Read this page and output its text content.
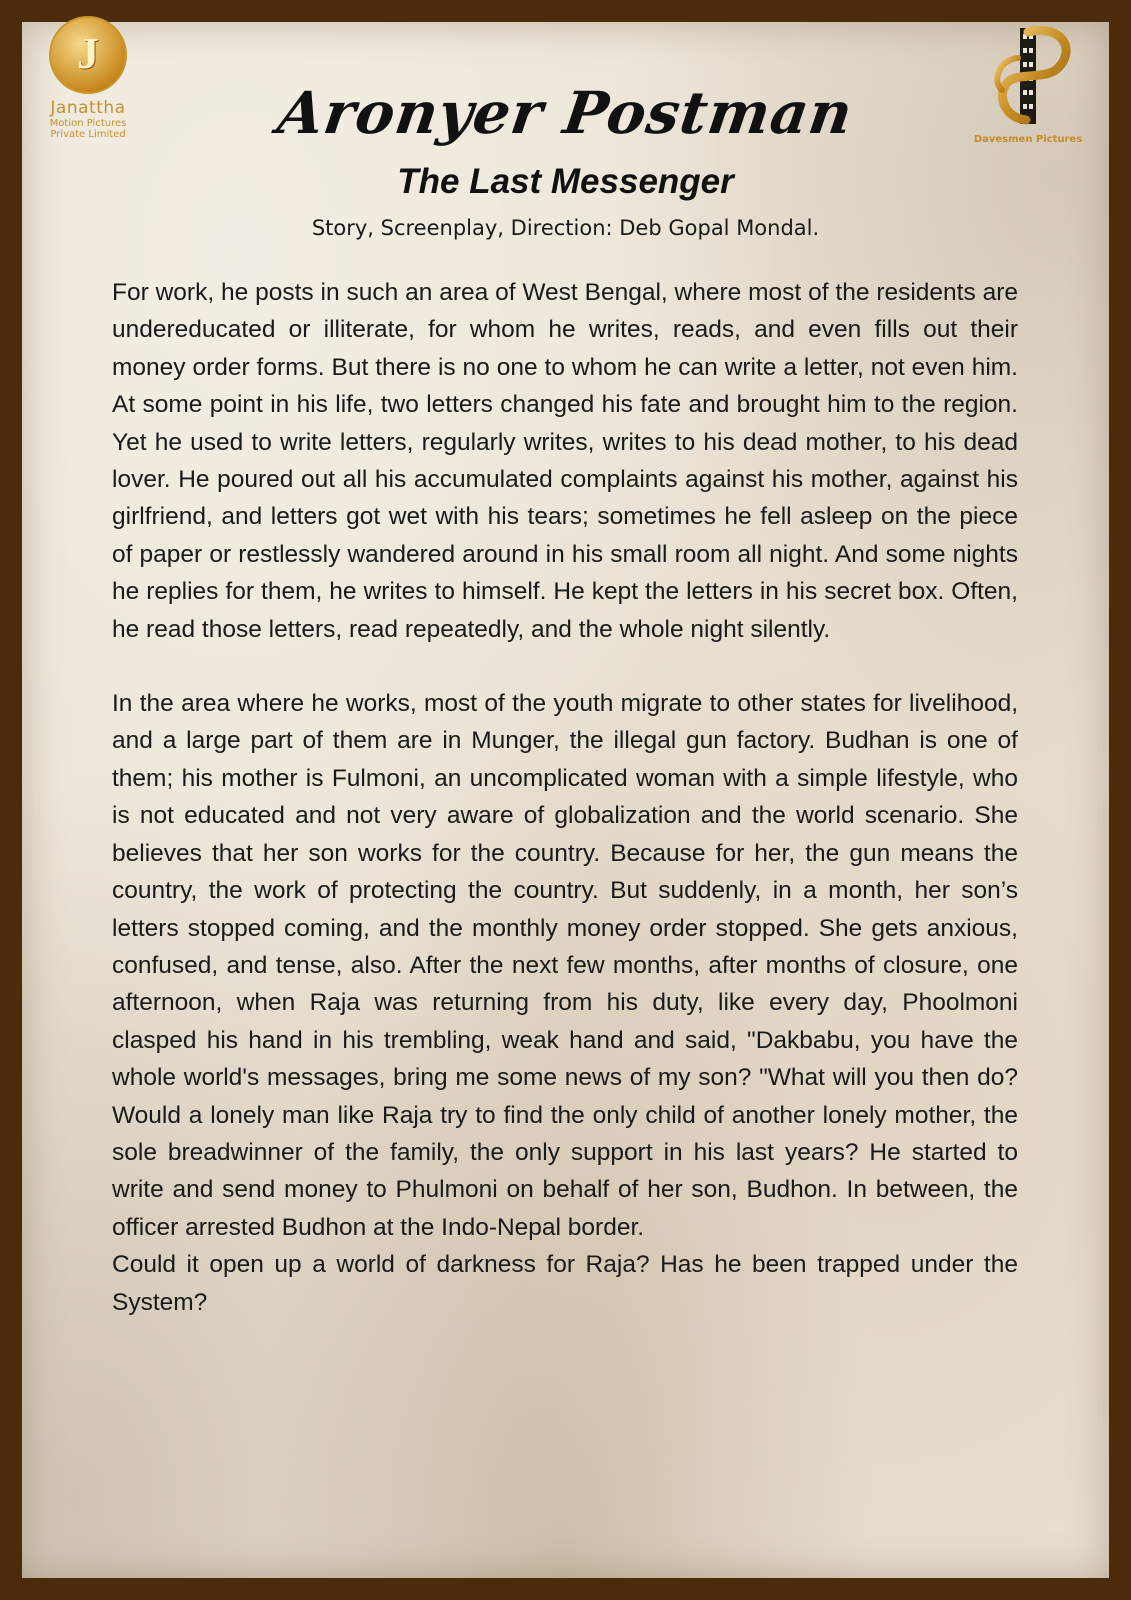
J
Janattha
Motion Pictures
Private Limited	Davesmen Pictures
Aronyer Postman
The Last Messenger
Story, Screenplay, Direction: Deb Gopal Mondal.

For work, he posts in such an area of West Bengal, where most of the residents are undereducated or illiterate, for whom he writes, reads, and even fills out their money order forms. But there is no one to whom he can write a letter, not even him. At some point in his life, two letters changed his fate and brought him to the region. Yet he used to write letters, regularly writes, writes to his dead mother, to his dead lover. He poured out all his accumulated complaints against his mother, against his girlfriend, and letters got wet with his tears; sometimes he fell asleep on the piece of paper or restlessly wandered around in his small room all night. And some nights he replies for them, he writes to himself. He kept the letters in his secret box. Often, he read those letters, read repeatedly, and the whole night silently.

In the area where he works, most of the youth migrate to other states for livelihood, and a large part of them are in Munger, the illegal gun factory. Budhan is one of them; his mother is Fulmoni, an uncomplicated woman with a simple lifestyle, who is not educated and not very aware of globalization and the world scenario. She believes that her son works for the country. Because for her, the gun means the country, the work of protecting the country. But suddenly, in a month, her son’s letters stopped coming, and the monthly money order stopped. She gets anxious, confused, and tense, also. After the next few months, after months of closure, one afternoon, when Raja was returning from his duty, like every day, Phoolmoni clasped his hand in his trembling, weak hand and said, "Dakbabu, you have the whole world's messages, bring me some news of my son? "What will you then do? Would a lonely man like Raja try to find the only child of another lonely mother, the sole breadwinner of the family, the only support in his last years? He started to write and send money to Phulmoni on behalf of her son, Budhon. In between, the officer arrested Budhon at the Indo-Nepal border.

Could it open up a world of darkness for Raja? Has he been trapped under the System?
